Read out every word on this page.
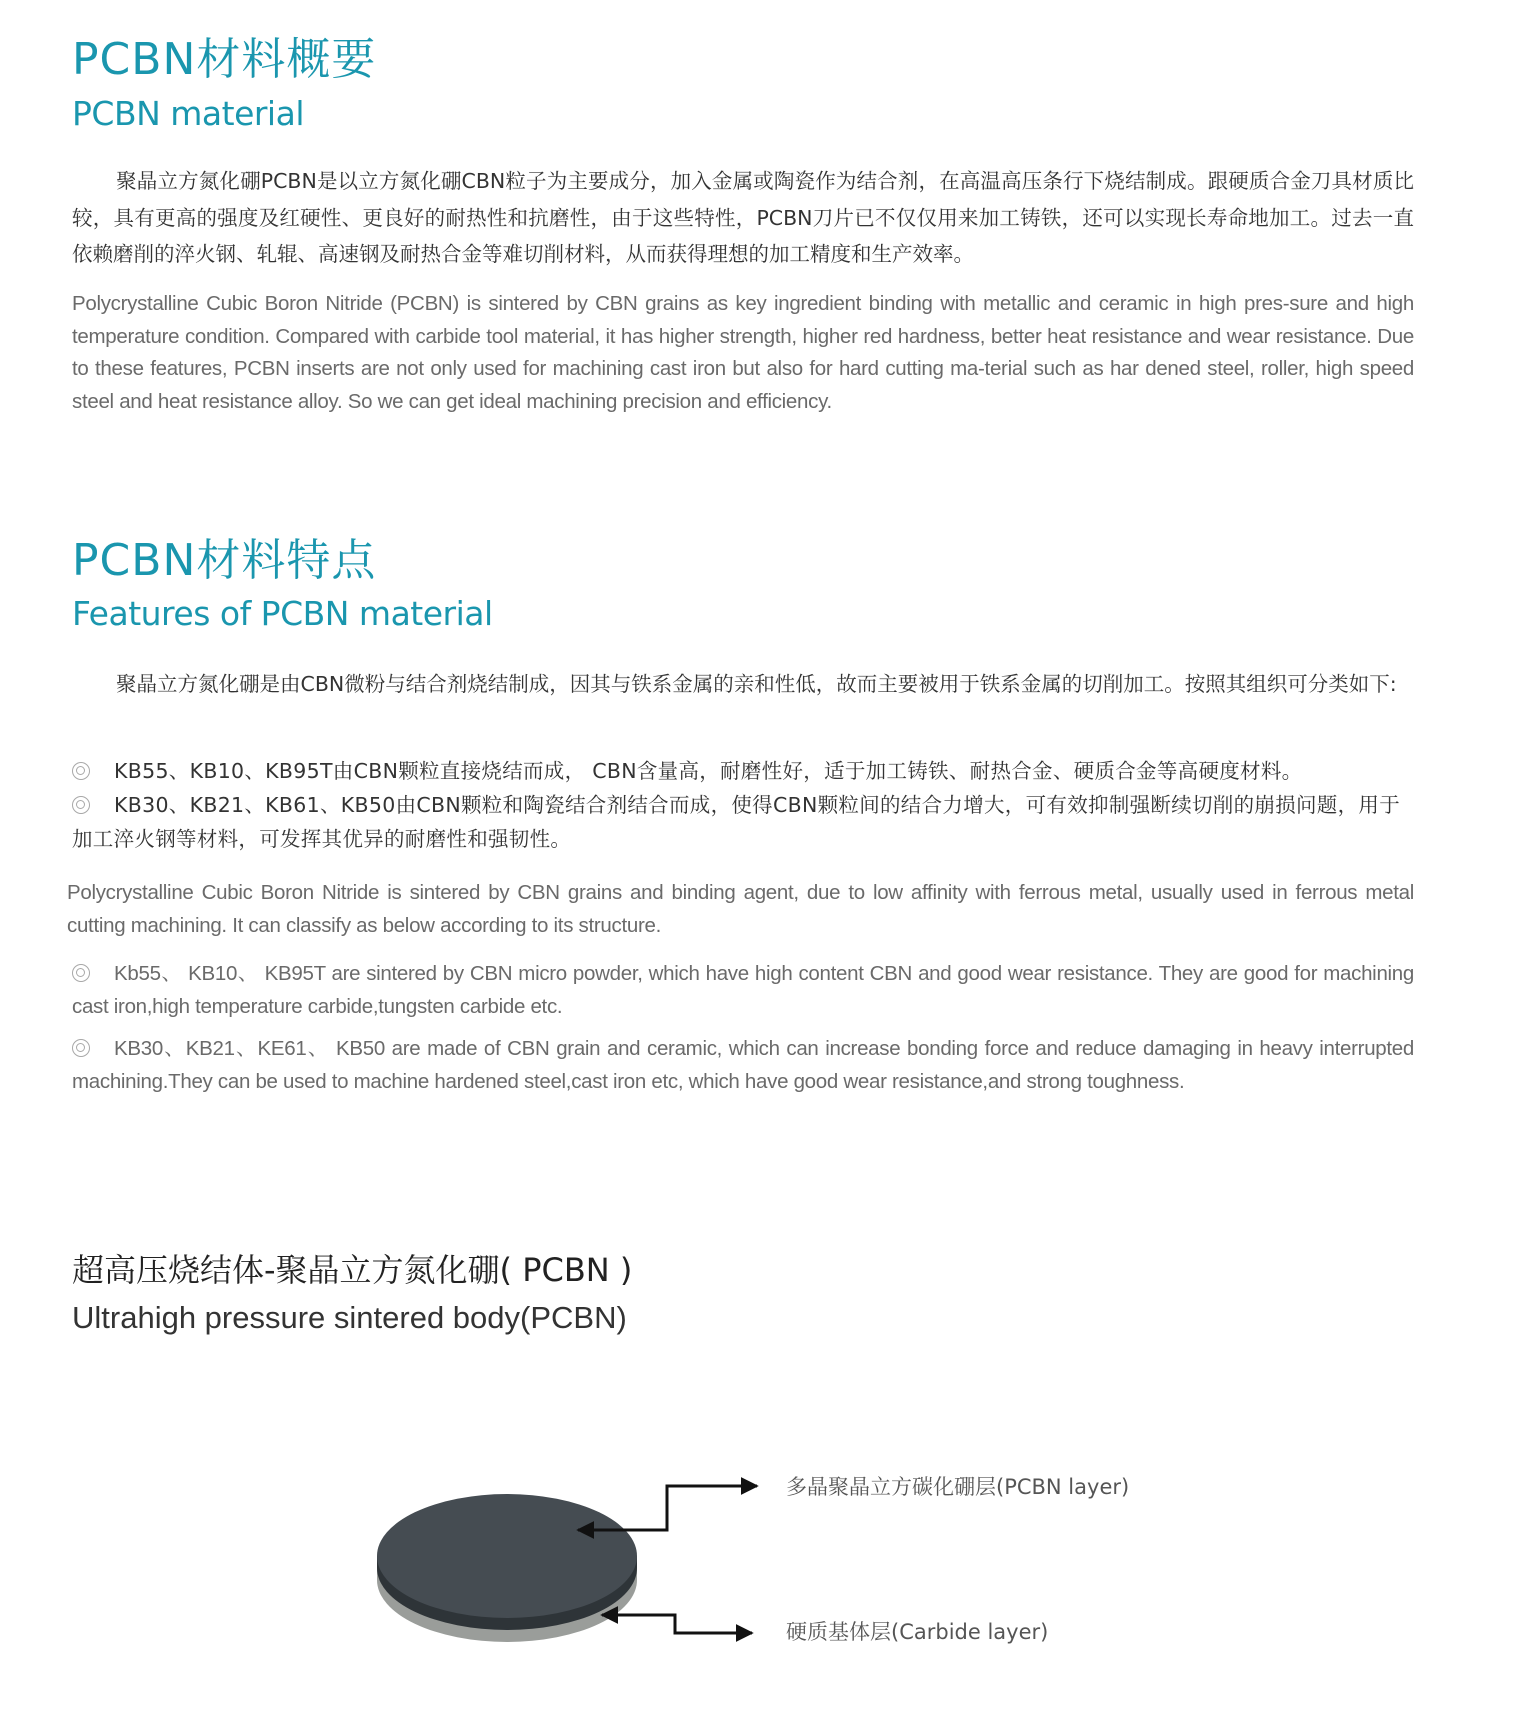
PCBN材料概要
PCBN material
聚晶立方氮化硼PCBN是以立方氮化硼CBN粒子为主要成分，加入金属或陶瓷作为结合剂，在高温高压条行下烧结制成。跟硬质合金刀具材质比较，具有更高的强度及红硬性、更良好的耐热性和抗磨性，由于这些特性，PCBN刀片已不仅仅用来加工铸铁，还可以实现长寿命地加工。过去一直依赖磨削的淬火钢、轧辊、高速钢及耐热合金等难切削材料，从而获得理想的加工精度和生产效率。
Polycrystalline Cubic Boron Nitride (PCBN) is sintered by CBN grains as key ingredient binding with metallic and ceramic in high pres-sure and high temperature condition. Compared with carbide tool material, it has higher strength, higher red hardness, better heat resistance and wear resistance. Due to these features, PCBN inserts are not only used for machining cast iron but also for hard cutting ma-terial such as har dened steel, roller, high speed steel and heat resistance alloy. So we can get ideal machining precision and efficiency.
PCBN材料特点
Features of PCBN material
聚晶立方氮化硼是由CBN微粉与结合剂烧结制成，因其与铁系金属的亲和性低，故而主要被用于铁系金属的切削加工。按照其组织可分类如下:
KB55、KB10、KB95T由CBN颗粒直接烧结而成， CBN含量高，耐磨性好，适于加工铸铁、耐热合金、硬质合金等高硬度材料。
KB30、KB21、KB61、KB50由CBN颗粒和陶瓷结合剂结合而成，使得CBN颗粒间的结合力增大，可有效抑制强断续切削的崩损问题，用于加工淬火钢等材料，可发挥其优异的耐磨性和强韧性。
Polycrystalline Cubic Boron Nitride is sintered by CBN grains and binding agent, due to low affinity with ferrous metal, usually used in ferrous metal cutting machining. It can classify as below according to its structure.
Kb55、 KB10、 KB95T are sintered by CBN micro powder, which have high content CBN and good wear resistance. They are good for machining cast iron,high temperature carbide,tungsten carbide etc.
KB30、KB21、KE61、 KB50 are made of CBN grain and ceramic, which can increase bonding force and reduce damaging in heavy interrupted machining.They can be used to machine hardened steel,cast iron etc, which have good wear resistance,and strong toughness.
超高压烧结体-聚晶立方氮化硼( PCBN )
Ultrahigh pressure sintered body(PCBN)
多晶聚晶立方碳化硼层(PCBN layer)
硬质基体层(Carbide layer)
